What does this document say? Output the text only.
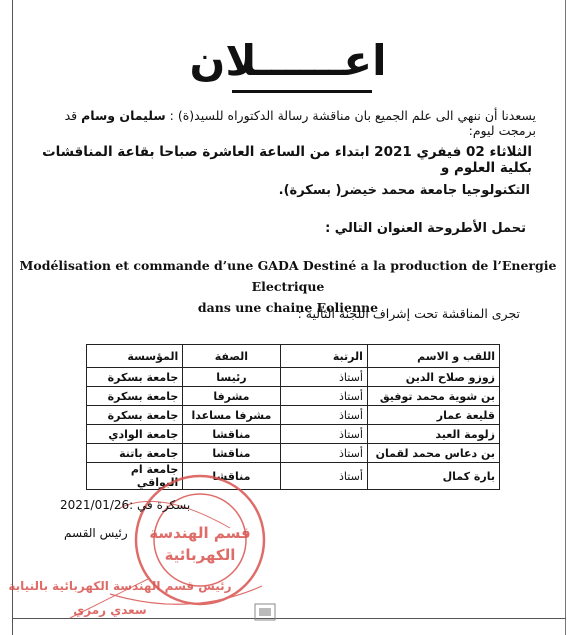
اعــــــلان
يسعدنا أن ننهي الى علم الجميع بان مناقشة رسالة الدكتوراه للسيد(ة) : سليمان وسام قد برمجت ليوم:
الثلاثاء 02 فيفري 2021 ابتداء من الساعة العاشرة صباحا بقاعة المناقشات بكلية العلوم و
التكنولوجيا جامعة محمد خيضر( بسكرة).
تحمل الأطروحة العنوان التالي :
Modélisation et commande d’une GADA Destiné a la production de l’Energie Electrique
dans une chaine Eolienne
تجرى المناقشة تحت إشراف اللجنة التالية :
اللقب و الاسم	الرتبة	الصفة	المؤسسة
زوزو صلاح الدين	أستاذ	رئيسا	جامعة بسكرة
بن شوية محمد توفيق	أستاذ	مشرفا	جامعة بسكرة
قليعة عمار	أستاذ	مشرفا مساعدا	جامعة بسكرة
زلومة العيد	أستاذ	مناقشا	جامعة الوادي
بن دعاس محمد لقمان	أستاذ	مناقشا	جامعة باتنة
بارة كمال	أستاذ	مناقشا	جامعة ام البواقي
قسم الهندسة
الكهربائية
رئيس قسم الهندسة الكهربائية بالنيابة
سعدي رمزي
بسكرة في :2021/01/26
رئيس القسم
